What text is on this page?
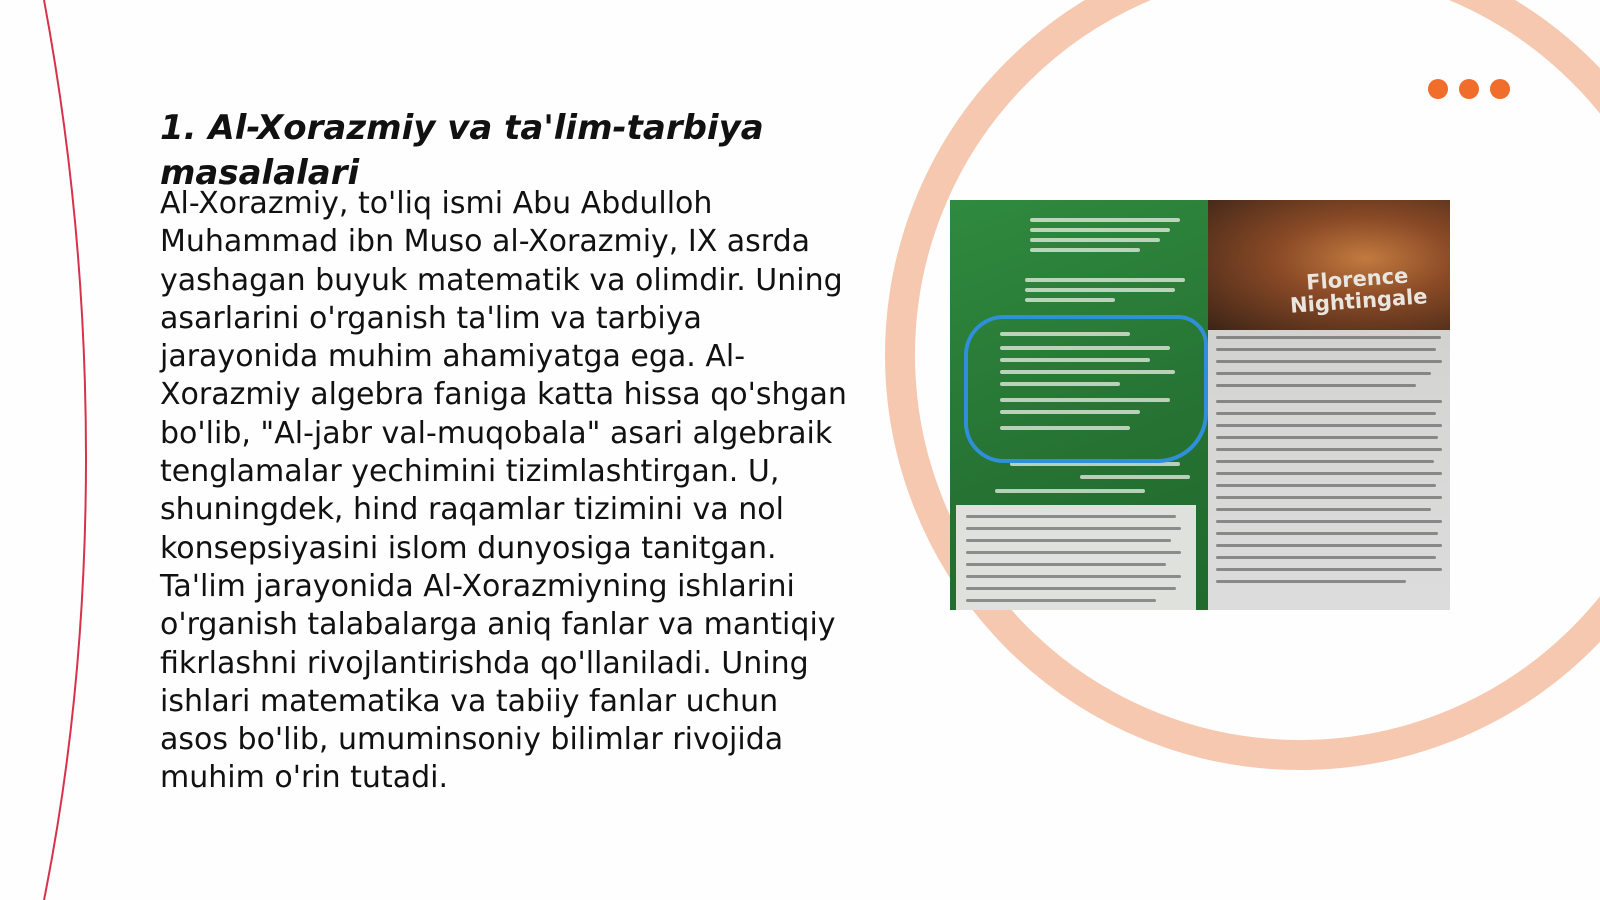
1. Al-Xorazmiy va ta'lim-tarbiya masalalari

Al-Xorazmiy, to'liq ismi Abu Abdulloh Muhammad ibn Muso al-Xorazmiy, IX asrda yashagan buyuk matematik va olimdir. Uning asarlarini o'rganish ta'lim va tarbiya jarayonida muhim ahamiyatga ega. Al-Xorazmiy algebra faniga katta hissa qo'shgan bo'lib, "Al-jabr val-muqobala" asari algebraik tenglamalar yechimini tizimlashtirgan. U, shuningdek, hind raqamlar tizimini va nol konsepsiyasini islom dunyosiga tanitgan. Ta'lim jarayonida Al-Xorazmiyning ishlarini o'rganish talabalarga aniq fanlar va mantiqiy fikrlashni rivojlantirishda qo'llaniladi. Uning ishlari matematika va tabiiy fanlar uchun asos bo'lib, umuminsoniy bilimlar rivojida muhim o'rin tutadi.

Florence Nightingale
